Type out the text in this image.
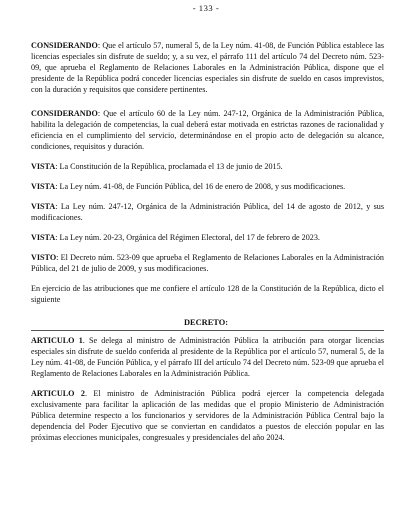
- 133 -

CONSIDERANDO: Que el artículo 57, numeral 5, de la Ley núm. 41-08, de Función Pública establece las licencias especiales sin disfrute de sueldo; y, a su vez, el párrafo 111 del artículo 74 del Decreto núm. 523-09, que aprueba el Reglamento de Relaciones Laborales en la Administración Pública, dispone que el presidente de la República podrá conceder licencias especiales sin disfrute de sueldo en casos imprevistos, con la duración y requisitos que considere pertinentes.

CONSIDERANDO: Que el artículo 60 de la Ley núm. 247-12, Orgánica de la Administración Pública, habilita la delegación de competencias, la cual deberá estar motivada en estrictas razones de racionalidad y eficiencia en el cumplimiento del servicio, determinándose en el propio acto de delegación su alcance, condiciones, requisitos y duración.

VISTA: La Constitución de la República, proclamada el 13 de junio de 2015.

VISTA: La Ley núm. 41-08, de Función Pública, del 16 de enero de 2008, y sus modificaciones.

VISTA: La Ley núm. 247-12, Orgánica de la Administración Pública, del 14 de agosto de 2012, y sus modificaciones.

VISTA: La Ley núm. 20-23, Orgánica del Régimen Electoral, del 17 de febrero de 2023.

VISTO: El Decreto núm. 523-09 que aprueba el Reglamento de Relaciones Laborales en la Administración Pública, del 21 de julio de 2009, y sus modificaciones.

En ejercicio de las atribuciones que me confiere el artículo 128 de la Constitución de la República, dicto el siguiente

DECRETO:

ARTICULO 1. Se delega al ministro de Administración Pública la atribución para otorgar licencias especiales sin disfrute de sueldo conferida al presidente de la República por el artículo 57, numeral 5, de la Ley núm. 41-08, de Función Pública, y el párrafo III del artículo 74 del Decreto núm. 523-09 que aprueba el Reglamento de Relaciones Laborales en la Administración Pública.

ARTICULO 2. El ministro de Administración Pública podrá ejercer la competencia delegada exclusivamente para facilitar la aplicación de las medidas que el propio Ministerio de Administración Pública determine respecto a los funcionarios y servidores de la Administración Pública Central bajo la dependencia del Poder Ejecutivo que se conviertan en candidatos a puestos de elección popular en las próximas elecciones municipales, congresuales y presidenciales del año 2024.
